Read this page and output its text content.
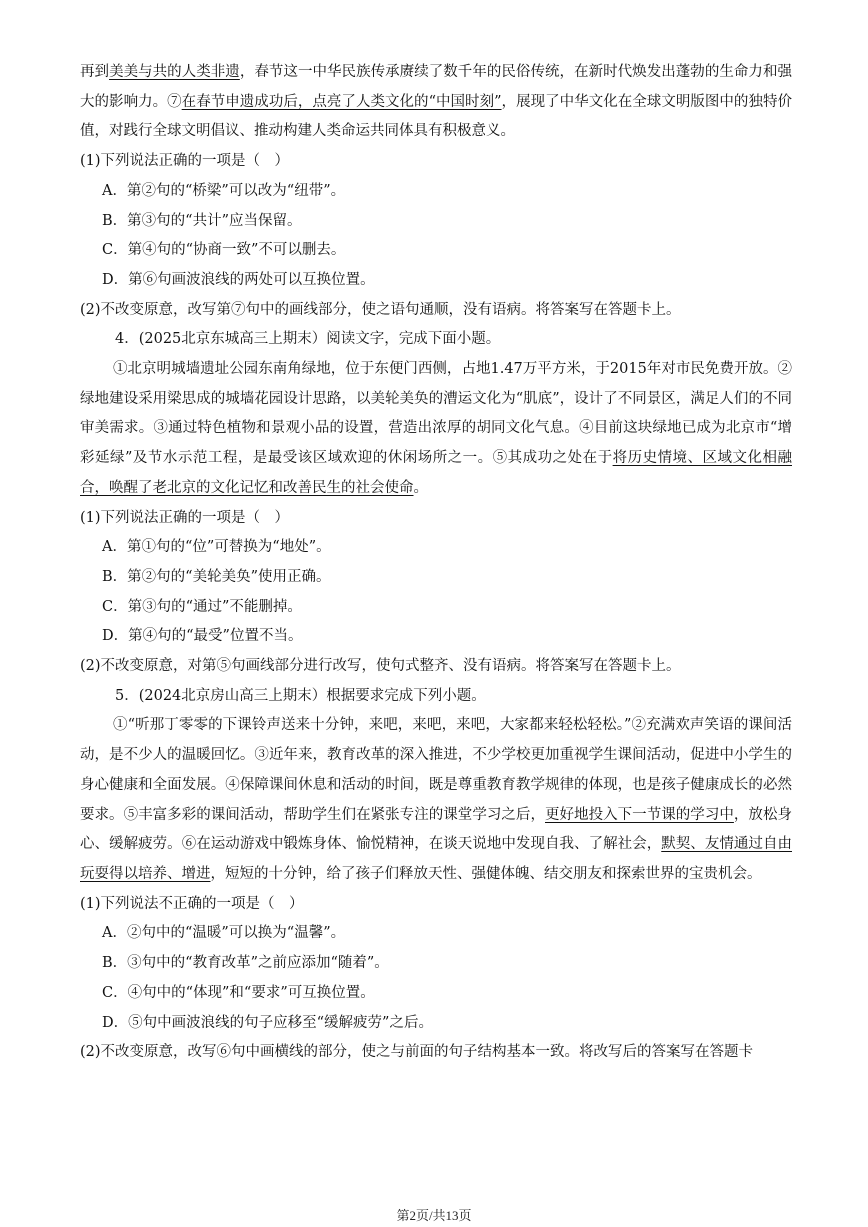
再到美美与共的人类非遗，春节这一中华民族传承赓续了数千年的民俗传统，在新时代焕发出蓬勃的生命力和强大的影响力。⑦在春节申遗成功后，点亮了人类文化的“中国时刻”，展现了中华文化在全球文明版图中的独特价值，对践行全球文明倡议、推动构建人类命运共同体具有积极意义。

(1)下列说法正确的一项是（　）

A．第②句的“桥梁”可以改为“纽带”。

B．第③句的“共计”应当保留。

C．第④句的“协商一致”不可以删去。

D．第⑥句画波浪线的两处可以互换位置。

(2)不改变原意，改写第⑦句中的画线部分，使之语句通顺，没有语病。将答案写在答题卡上。

4．(2025北京东城高三上期末）阅读文字，完成下面小题。

①北京明城墙遗址公园东南角绿地，位于东便门西侧，占地1.47万平方米，于2015年对市民免费开放。②绿地建设采用梁思成的城墙花园设计思路，以美轮美奂的漕运文化为“肌底”，设计了不同景区，满足人们的不同审美需求。③通过特色植物和景观小品的设置，营造出浓厚的胡同文化气息。④目前这块绿地已成为北京市“增彩延绿”及节水示范工程，是最受该区域欢迎的休闲场所之一。⑤其成功之处在于将历史情境、区域文化相融合，唤醒了老北京的文化记忆和改善民生的社会使命。

(1)下列说法正确的一项是（　）

A．第①句的“位”可替换为“地处”。

B．第②句的“美轮美奂”使用正确。

C．第③句的“通过”不能删掉。

D．第④句的“最受”位置不当。

(2)不改变原意，对第⑤句画线部分进行改写，使句式整齐、没有语病。将答案写在答题卡上。

5．(2024北京房山高三上期末）根据要求完成下列小题。

①“听那丁零零的下课铃声送来十分钟，来吧，来吧，来吧，大家都来轻松轻松。”②充满欢声笑语的课间活动，是不少人的温暖回忆。③近年来，教育改革的深入推进，不少学校更加重视学生课间活动，促进中小学生的身心健康和全面发展。④保障课间休息和活动的时间，既是尊重教育教学规律的体现，也是孩子健康成长的必然要求。⑤丰富多彩的课间活动，帮助学生们在紧张专注的课堂学习之后，更好地投入下一节课的学习中，放松身心、缓解疲劳。⑥在运动游戏中锻炼身体、愉悦精神，在谈天说地中发现自我、了解社会，默契、友情通过自由玩耍得以培养、增进，短短的十分钟，给了孩子们释放天性、强健体魄、结交朋友和探索世界的宝贵机会。

(1)下列说法不正确的一项是（　）

A．②句中的“温暖”可以换为“温馨”。

B．③句中的“教育改革”之前应添加“随着”。

C．④句中的“体现”和“要求”可互换位置。

D．⑤句中画波浪线的句子应移至“缓解疲劳”之后。

(2)不改变原意，改写⑥句中画横线的部分，使之与前面的句子结构基本一致。将改写后的答案写在答题卡

第2页/共13页
